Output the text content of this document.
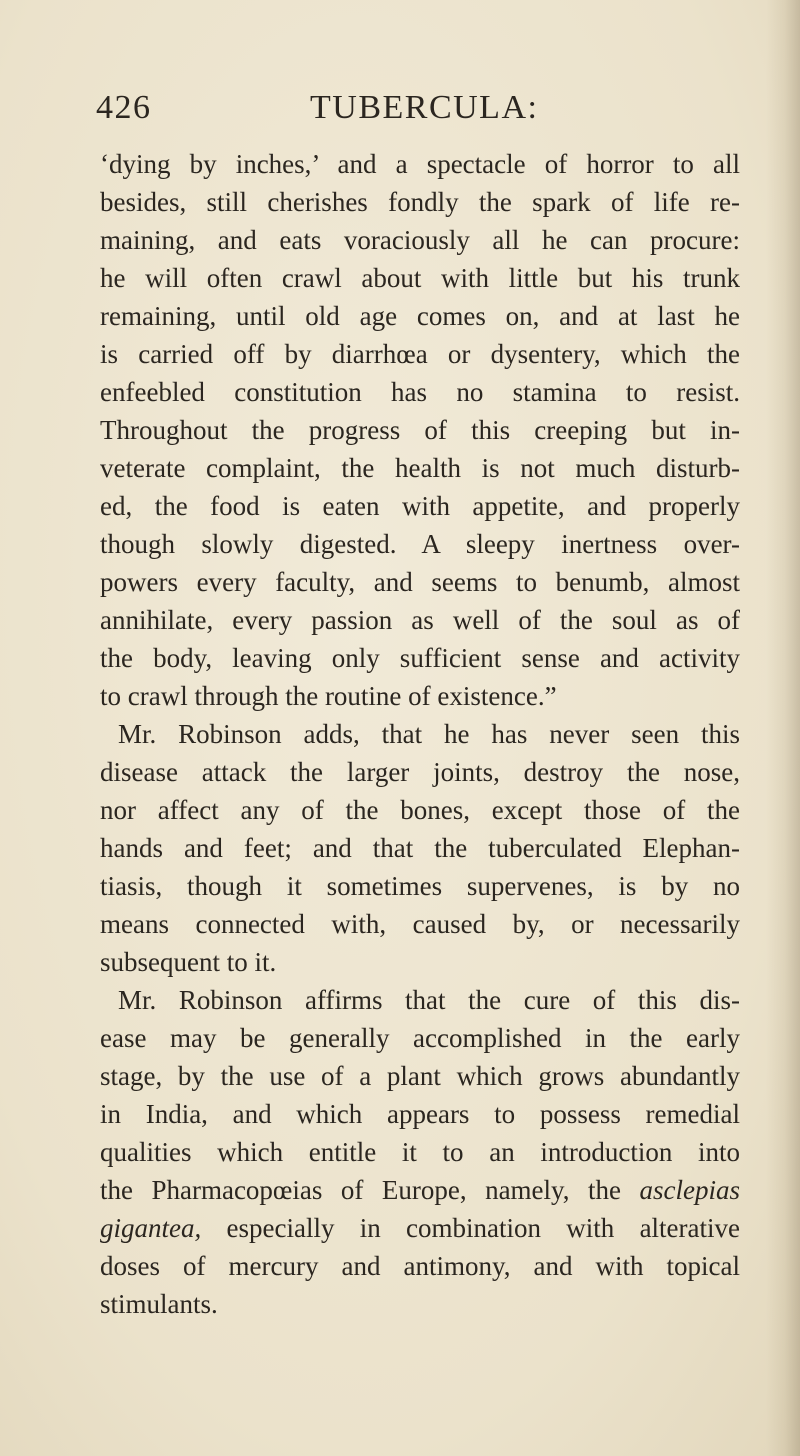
426	TUBERCULA:
‘dying by inches,’ and a spectacle of horror to all
besides, still cherishes fondly the spark of life re-
maining, and eats voraciously all he can procure:
he will often crawl about with little but his trunk
remaining, until old age comes on, and at last he
is carried off by diarrhœa or dysentery, which the
enfeebled constitution has no stamina to resist.
Throughout the progress of this creeping but in-
veterate complaint, the health is not much disturb-
ed, the food is eaten with appetite, and properly
though slowly digested. A sleepy inertness over-
powers every faculty, and seems to benumb, almost
annihilate, every passion as well of the soul as of
the body, leaving only sufficient sense and activity
to crawl through the routine of existence.”
Mr. Robinson adds, that he has never seen this
disease attack the larger joints, destroy the nose,
nor affect any of the bones, except those of the
hands and feet; and that the tuberculated Elephan-
tiasis, though it sometimes supervenes, is by no
means connected with, caused by, or necessarily
subsequent to it.
Mr. Robinson affirms that the cure of this dis-
ease may be generally accomplished in the early
stage, by the use of a plant which grows abundantly
in India, and which appears to possess remedial
qualities which entitle it to an introduction into
the Pharmacopœias of Europe, namely, the asclepias
gigantea, especially in combination with alterative
doses of mercury and antimony, and with topical
stimulants.
